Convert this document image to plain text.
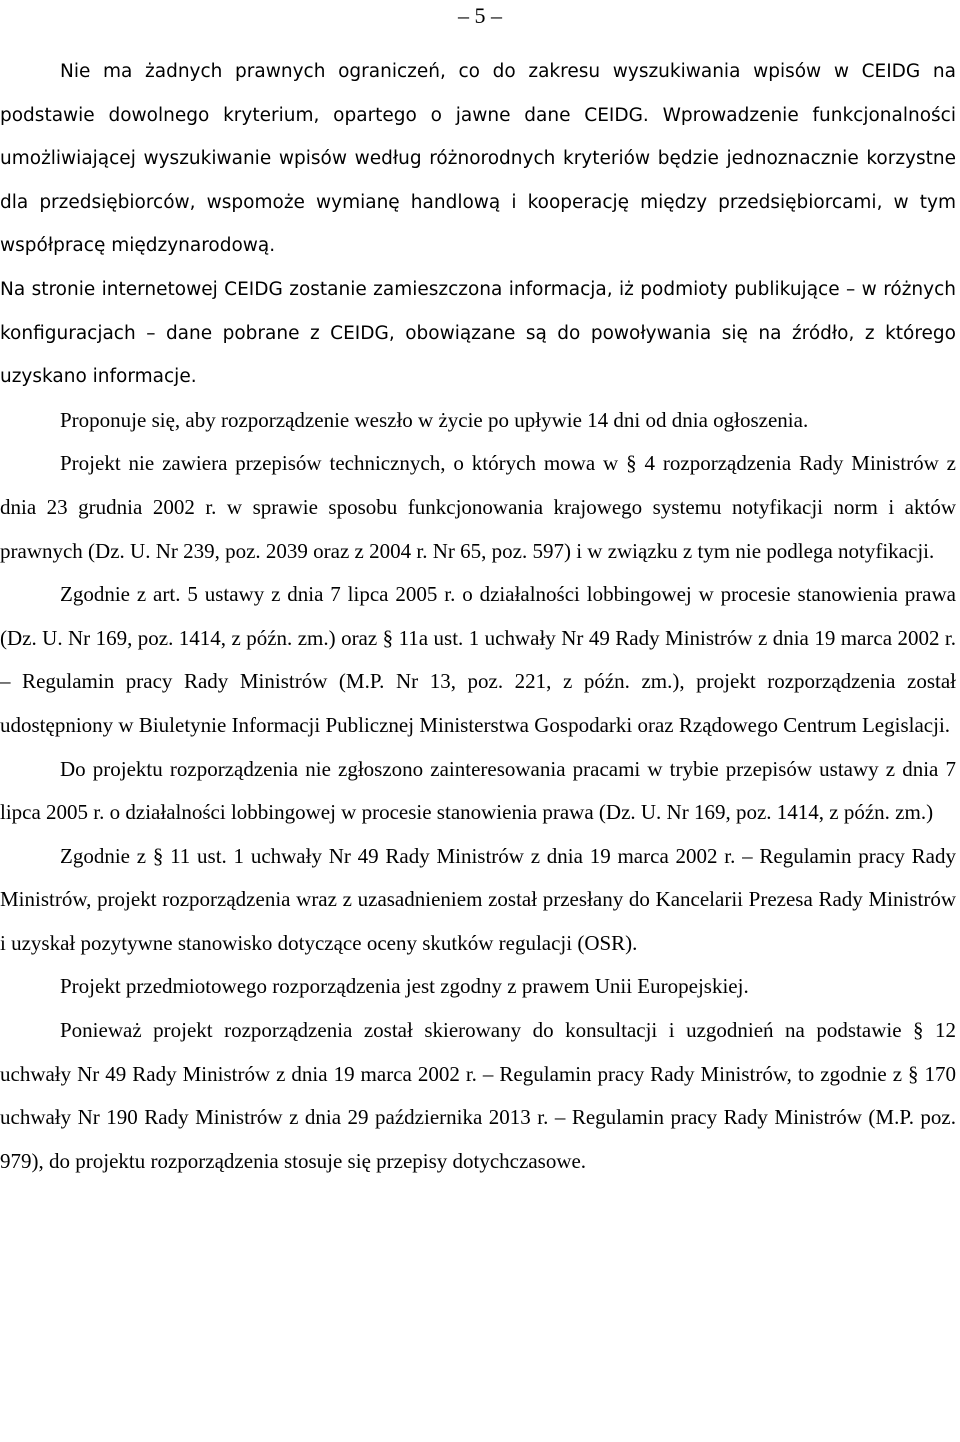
– 5 –

Nie ma żadnych prawnych ograniczeń, co do zakresu wyszukiwania wpisów w CEIDG na podstawie dowolnego kryterium, opartego o jawne dane CEIDG. Wprowadzenie funkcjonalności umożliwiającej wyszukiwanie wpisów według różnorodnych kryteriów będzie jednoznacznie korzystne dla przedsiębiorców, wspomoże wymianę handlową i kooperację między przedsiębiorcami, w tym współpracę międzynarodową.

Na stronie internetowej CEIDG zostanie zamieszczona informacja, iż podmioty publikujące – w różnych konfiguracjach – dane pobrane z CEIDG, obowiązane są do powoływania się na źródło, z którego uzyskano informacje.

Proponuje się, aby rozporządzenie weszło w życie po upływie 14 dni od dnia ogłoszenia.

Projekt nie zawiera przepisów technicznych, o których mowa w § 4 rozporządzenia Rady Ministrów z dnia 23 grudnia 2002 r. w sprawie sposobu funkcjonowania krajowego systemu notyfikacji norm i aktów prawnych (Dz. U. Nr 239, poz. 2039 oraz z 2004 r. Nr 65, poz. 597) i w związku z tym nie podlega notyfikacji.

Zgodnie z art. 5 ustawy z dnia 7 lipca 2005 r. o działalności lobbingowej w procesie stanowienia prawa (Dz. U. Nr 169, poz. 1414, z późn. zm.) oraz § 11a ust. 1 uchwały Nr 49 Rady Ministrów z dnia 19 marca 2002 r. – Regulamin pracy Rady Ministrów (M.P. Nr 13, poz. 221, z późn. zm.), projekt rozporządzenia został udostępniony w Biuletynie Informacji Publicznej Ministerstwa Gospodarki oraz Rządowego Centrum Legislacji.

Do projektu rozporządzenia nie zgłoszono zainteresowania pracami w trybie przepisów ustawy z dnia 7 lipca 2005 r. o działalności lobbingowej w procesie stanowienia prawa (Dz. U. Nr 169, poz. 1414, z późn. zm.)

Zgodnie z § 11 ust. 1 uchwały Nr 49 Rady Ministrów z dnia 19 marca 2002 r. – Regulamin pracy Rady Ministrów, projekt rozporządzenia wraz z uzasadnieniem został przesłany do Kancelarii Prezesa Rady Ministrów i uzyskał pozytywne stanowisko dotyczące oceny skutków regulacji (OSR).

Projekt przedmiotowego rozporządzenia jest zgodny z prawem Unii Europejskiej.

Ponieważ projekt rozporządzenia został skierowany do konsultacji i uzgodnień na podstawie § 12 uchwały Nr 49 Rady Ministrów z dnia 19 marca 2002 r. – Regulamin pracy Rady Ministrów, to zgodnie z § 170 uchwały Nr 190 Rady Ministrów z dnia 29 października 2013 r. – Regulamin pracy Rady Ministrów (M.P. poz. 979), do projektu rozporządzenia stosuje się przepisy dotychczasowe.
